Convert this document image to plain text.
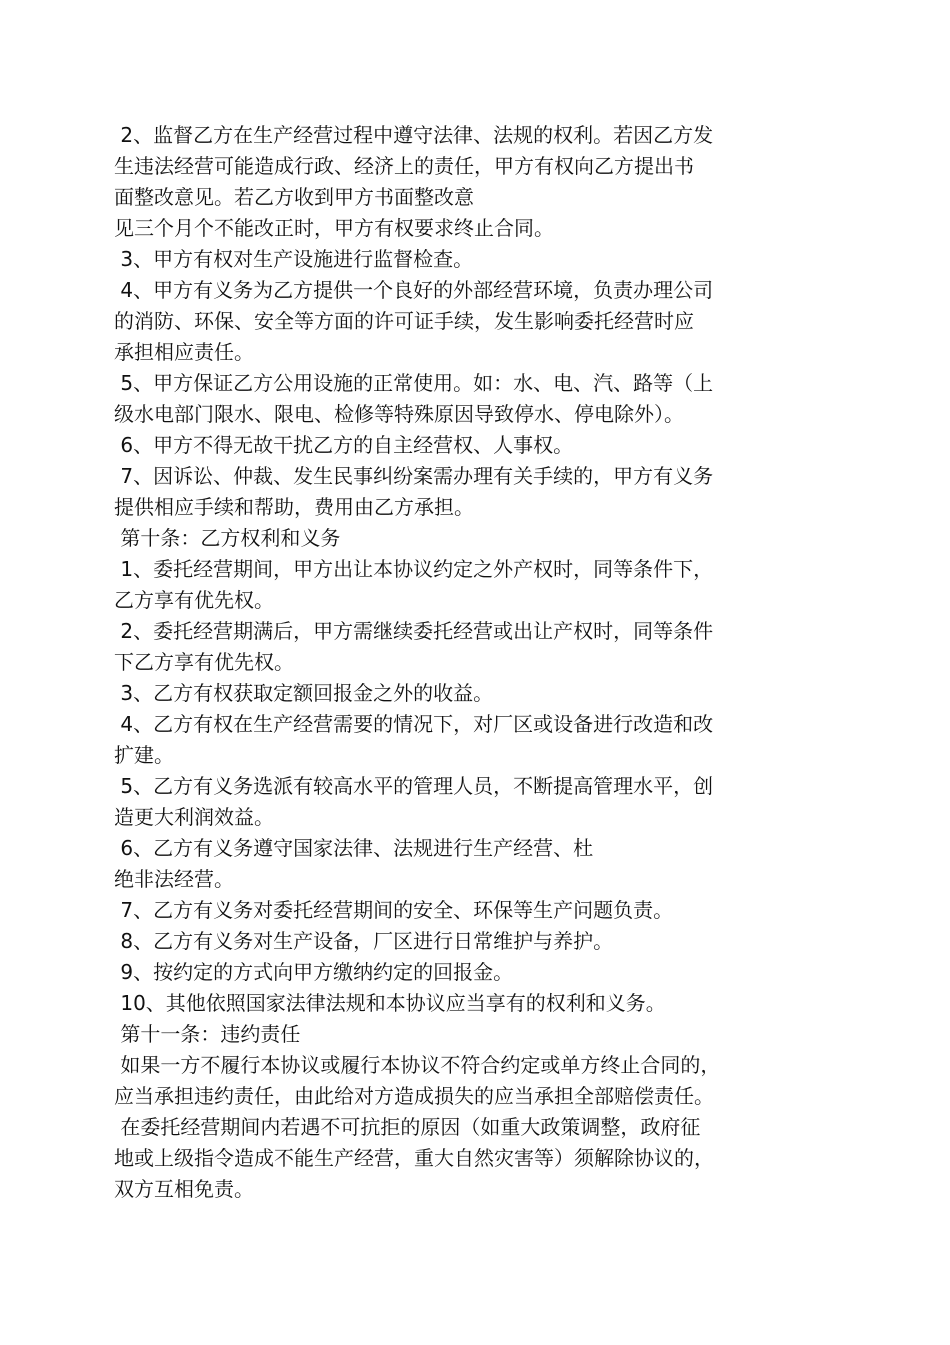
2、监督乙方在生产经营过程中遵守法律、法规的权利。若因乙方发
生违法经营可能造成行政、经济上的责任，甲方有权向乙方提出书
面整改意见。若乙方收到甲方书面整改意
见三个月个不能改正时，甲方有权要求终止合同。
3、甲方有权对生产设施进行监督检查。
4、甲方有义务为乙方提供一个良好的外部经营环境，负责办理公司
的消防、环保、安全等方面的许可证手续，发生影响委托经营时应
承担相应责任。
5、甲方保证乙方公用设施的正常使用。如：水、电、汽、路等（上
级水电部门限水、限电、检修等特殊原因导致停水、停电除外）。
6、甲方不得无故干扰乙方的自主经营权、人事权。
7、因诉讼、仲裁、发生民事纠纷案需办理有关手续的，甲方有义务
提供相应手续和帮助，费用由乙方承担。
第十条：乙方权利和义务
1、委托经营期间，甲方出让本协议约定之外产权时，同等条件下，
乙方享有优先权。
2、委托经营期满后，甲方需继续委托经营或出让产权时，同等条件
下乙方享有优先权。
3、乙方有权获取定额回报金之外的收益。
4、乙方有权在生产经营需要的情况下，对厂区或设备进行改造和改
扩建。
5、乙方有义务选派有较高水平的管理人员，不断提高管理水平，创
造更大利润效益。
6、乙方有义务遵守国家法律、法规进行生产经营、杜
绝非法经营。
7、乙方有义务对委托经营期间的安全、环保等生产问题负责。
8、乙方有义务对生产设备，厂区进行日常维护与养护。
9、按约定的方式向甲方缴纳约定的回报金。
10、其他依照国家法律法规和本协议应当享有的权利和义务。
第十一条：违约责任
如果一方不履行本协议或履行本协议不符合约定或单方终止合同的，
应当承担违约责任，由此给对方造成损失的应当承担全部赔偿责任。
在委托经营期间内若遇不可抗拒的原因（如重大政策调整，政府征
地或上级指令造成不能生产经营，重大自然灾害等）须解除协议的，
双方互相免责。
